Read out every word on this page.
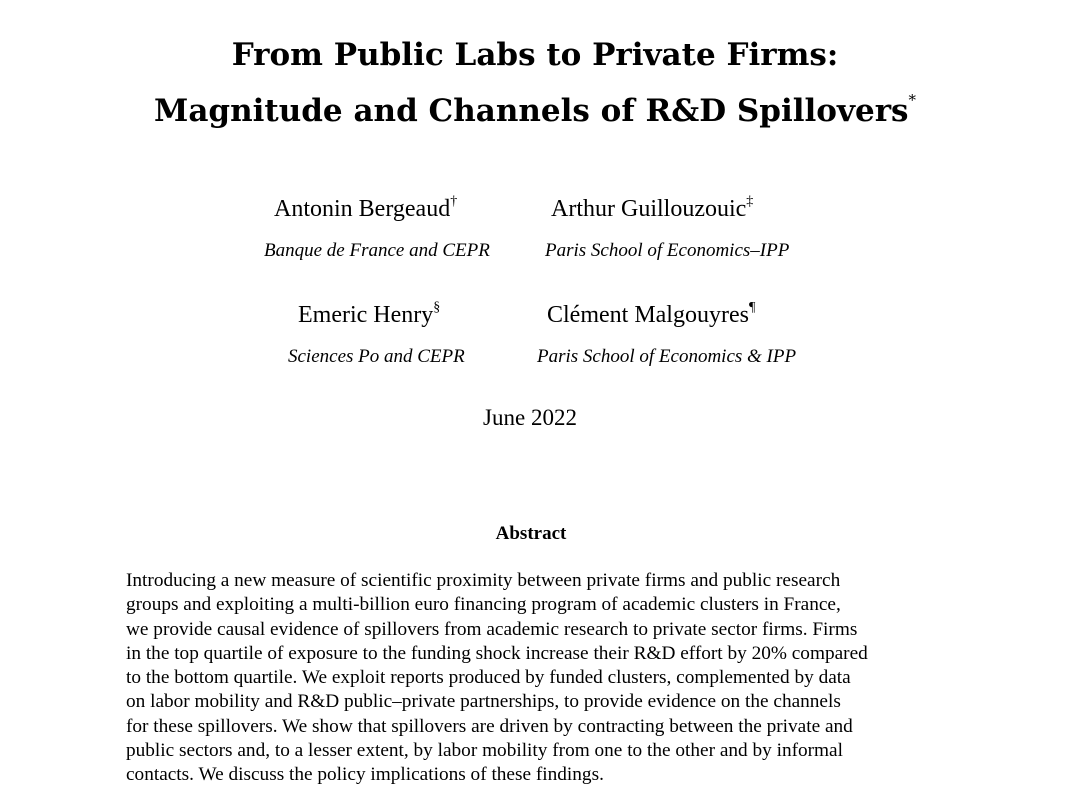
From Public Labs to Private Firms:
Magnitude and Channels of R&D Spillovers*
Antonin Bergeaud†
Banque de France and CEPR
Arthur Guillouzouic‡
Paris School of Economics–IPP
Emeric Henry§
Sciences Po and CEPR
Clément Malgouyres¶
Paris School of Economics & IPP
June 2022
Abstract
Introducing a new measure of scientific proximity between private firms and public research
groups and exploiting a multi-billion euro financing program of academic clusters in France,
we provide causal evidence of spillovers from academic research to private sector firms. Firms
in the top quartile of exposure to the funding shock increase their R&D effort by 20% compared
to the bottom quartile. We exploit reports produced by funded clusters, complemented by data
on labor mobility and R&D public–private partnerships, to provide evidence on the channels
for these spillovers. We show that spillovers are driven by contracting between the private and
public sectors and, to a lesser extent, by labor mobility from one to the other and by informal
contacts. We discuss the policy implications of these findings.
